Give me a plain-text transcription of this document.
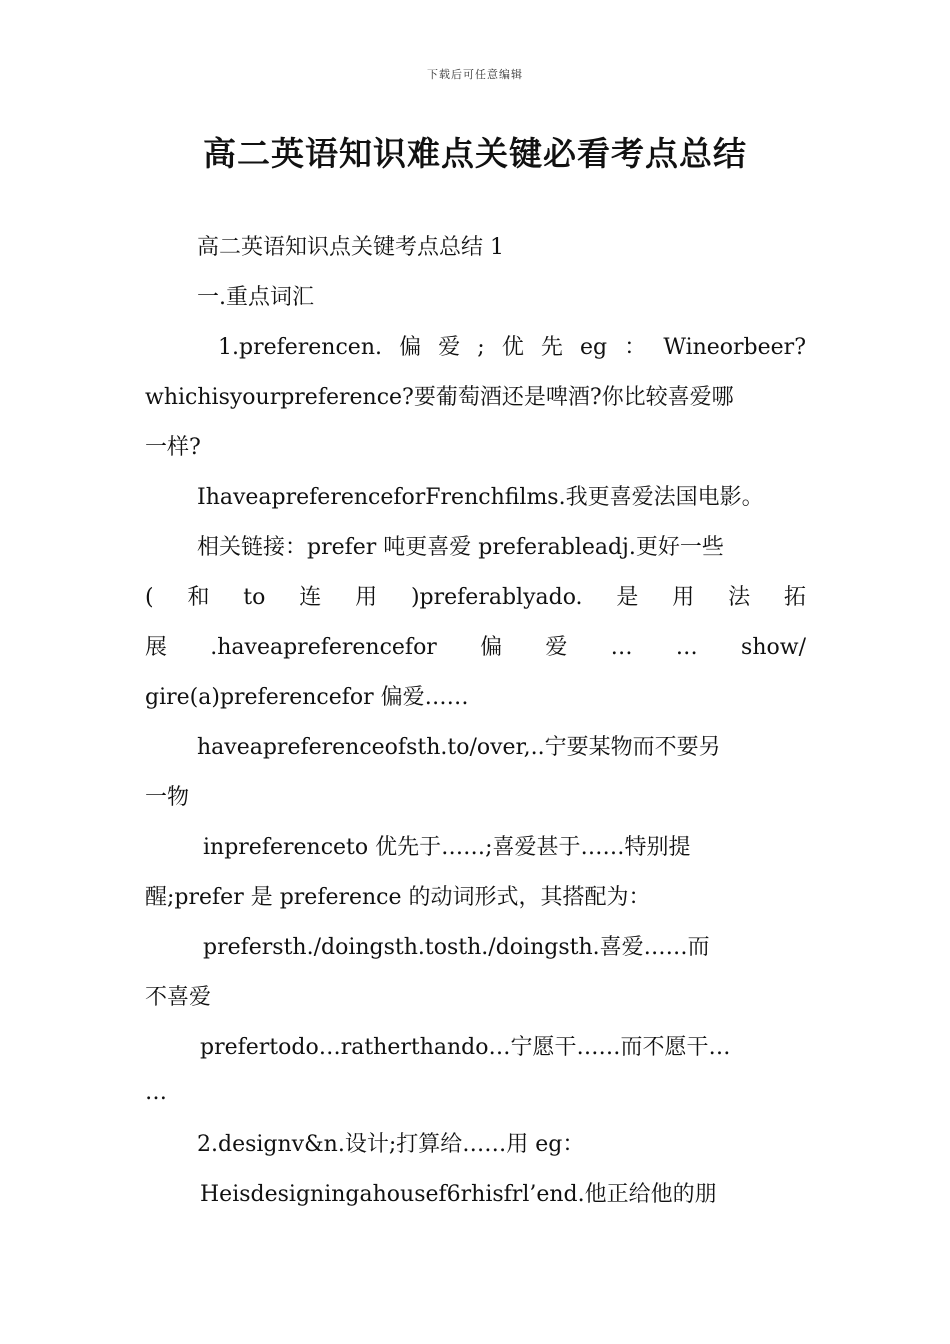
下载后可任意编辑
高二英语知识难点关键必看考点总结
高二英语知识点关键考点总结 1
一.重点词汇
1.preferencen. 偏 爱 ; 优 先 eg ： Wineorbeer?
whichisyourpreference?要葡萄酒还是啤酒?你比较喜爱哪
一样?
IhaveapreferenceforFrenchfilms.我更喜爱法国电影。
相关链接：prefer 吨更喜爱 preferableadj.更好一些
( 和 to 连 用 )preferablyado. 是 用 法 拓
展 .haveapreferencefor 偏 爱 … … show/
gire(a)preferencefor 偏爱……
haveapreferenceofsth.to/over,..宁要某物而不要另
一物
inpreferenceto 优先于……;喜爱甚于……特别提
醒;prefer 是 preference 的动词形式，其搭配为：
prefersth./doingsth.tosth./doingsth.喜爱……而
不喜爱
prefertodo…ratherthando…宁愿干……而不愿干…
…
2.designv&n.设计;打算给……用 eg：
Heisdesigningahousef6rhisfrl’end.他正给他的朋
